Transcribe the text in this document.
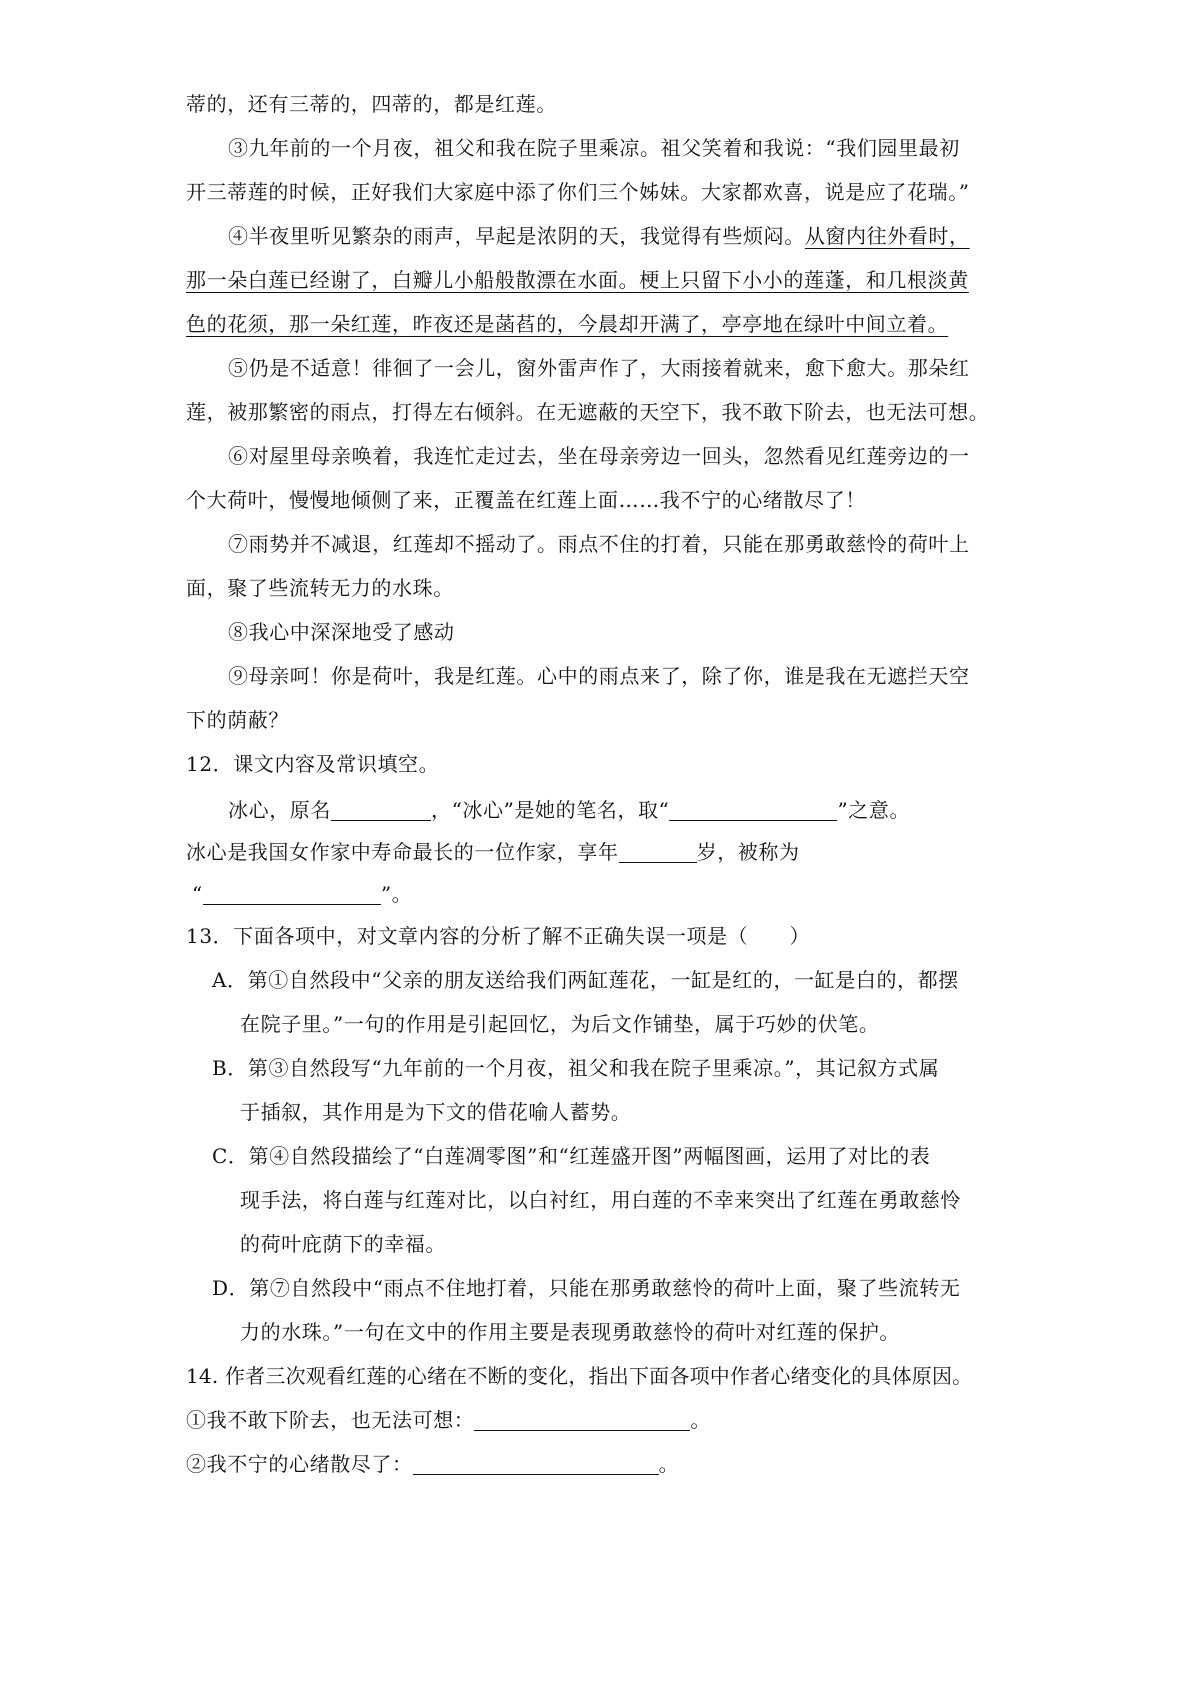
蒂的，还有三蒂的，四蒂的，都是红莲。
③九年前的一个月夜，祖父和我在院子里乘凉。祖父笑着和我说：“我们园里最初
开三蒂莲的时候，正好我们大家庭中添了你们三个姊妹。大家都欢喜，说是应了花瑞。”
④半夜里听见繁杂的雨声，早起是浓阴的天，我觉得有些烦闷。从窗内往外看时，
那一朵白莲已经谢了，白瓣儿小船般散漂在水面。梗上只留下小小的莲蓬，和几根淡黄
色的花须，那一朵红莲，昨夜还是菡萏的，今晨却开满了，亭亭地在绿叶中间立着。
⑤仍是不适意！徘徊了一会儿，窗外雷声作了，大雨接着就来，愈下愈大。那朵红
莲，被那繁密的雨点，打得左右倾斜。在无遮蔽的天空下，我不敢下阶去，也无法可想。
⑥对屋里母亲唤着，我连忙走过去，坐在母亲旁边一回头，忽然看见红莲旁边的一
个大荷叶，慢慢地倾侧了来，正覆盖在红莲上面……我不宁的心绪散尽了！
⑦雨势并不减退，红莲却不摇动了。雨点不住的打着，只能在那勇敢慈怜的荷叶上
面，聚了些流转无力的水珠。
⑧我心中深深地受了感动
⑨母亲呵！你是荷叶，我是红莲。心中的雨点来了，除了你，谁是我在无遮拦天空
下的荫蔽？
12．课文内容及常识填空。
冰心，原名	，“冰心”是她的笔名，取“	”之意。
冰心是我国女作家中寿命最长的一位作家，享年	岁，被称为
“	”。
13．下面各项中，对文章内容的分析了解不正确失误一项是（　　）
A．第①自然段中“父亲的朋友送给我们两缸莲花，一缸是红的，一缸是白的，都摆
在院子里。”一句的作用是引起回忆，为后文作铺垫，属于巧妙的伏笔。
B．第③自然段写“九年前的一个月夜，祖父和我在院子里乘凉。”，其记叙方式属
于插叙，其作用是为下文的借花喻人蓄势。
C．第④自然段描绘了“白莲凋零图”和“红莲盛开图”两幅图画，运用了对比的表
现手法，将白莲与红莲对比，以白衬红，用白莲的不幸来突出了红莲在勇敢慈怜
的荷叶庇荫下的幸福。
D．第⑦自然段中“雨点不住地打着，只能在那勇敢慈怜的荷叶上面，聚了些流转无
力的水珠。”一句在文中的作用主要是表现勇敢慈怜的荷叶对红莲的保护。
14. 作者三次观看红莲的心绪在不断的变化，指出下面各项中作者心绪变化的具体原因。
①我不敢下阶去，也无法可想：	。
②我不宁的心绪散尽了：	。
